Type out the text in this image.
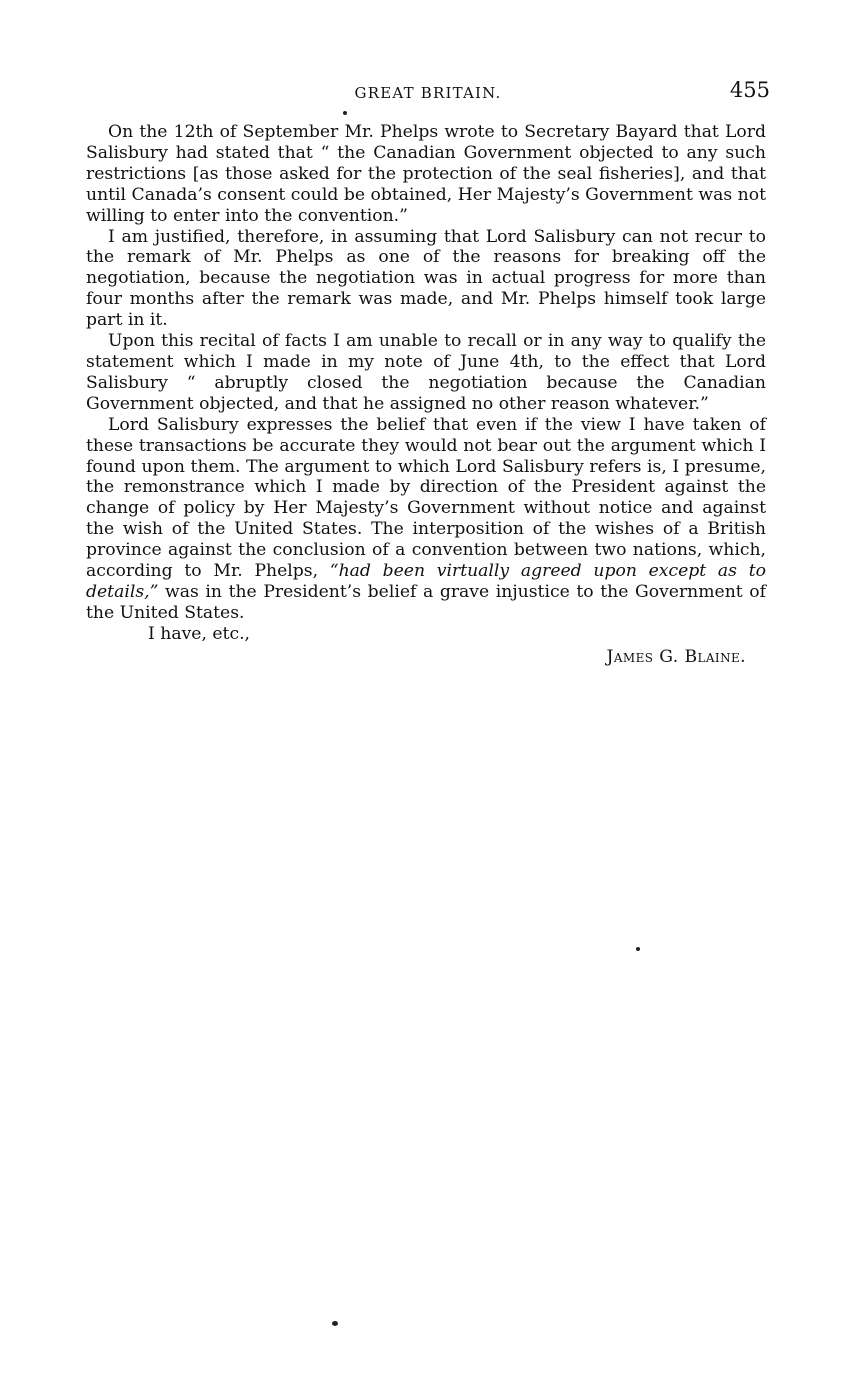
GREAT BRITAIN.	455

On the 12th of September Mr. Phelps wrote to Secretary Bayard that Lord Salisbury had stated that “ the Canadian Government objected to any such restrictions [as those asked for the protection of the seal fisheries], and that until Canada’s consent could be obtained, Her Majesty’s Government was not willing to enter into the convention.”

I am justified, therefore, in assuming that Lord Salisbury can not recur to the remark of Mr. Phelps as one of the reasons for breaking off the negotiation, because the negotiation was in actual progress for more than four months after the remark was made, and Mr. Phelps himself took large part in it.

Upon this recital of facts I am unable to recall or in any way to qualify the statement which I made in my note of June 4th, to the effect that Lord Salisbury “ abruptly closed the negotiation because the Canadian Government objected, and that he assigned no other reason whatever.”

Lord Salisbury expresses the belief that even if the view I have taken of these transactions be accurate they would not bear out the argument which I found upon them. The argument to which Lord Salisbury refers is, I presume, the remonstrance which I made by direction of the President against the change of policy by Her Majesty’s Government without notice and against the wish of the United States. The interposition of the wishes of a British province against the conclusion of a convention between two nations, which, according to Mr. Phelps, “had been virtually agreed upon except as to details,” was in the President’s belief a grave injustice to the Government of the United States.

I have, etc.,

James G. Blaine.
